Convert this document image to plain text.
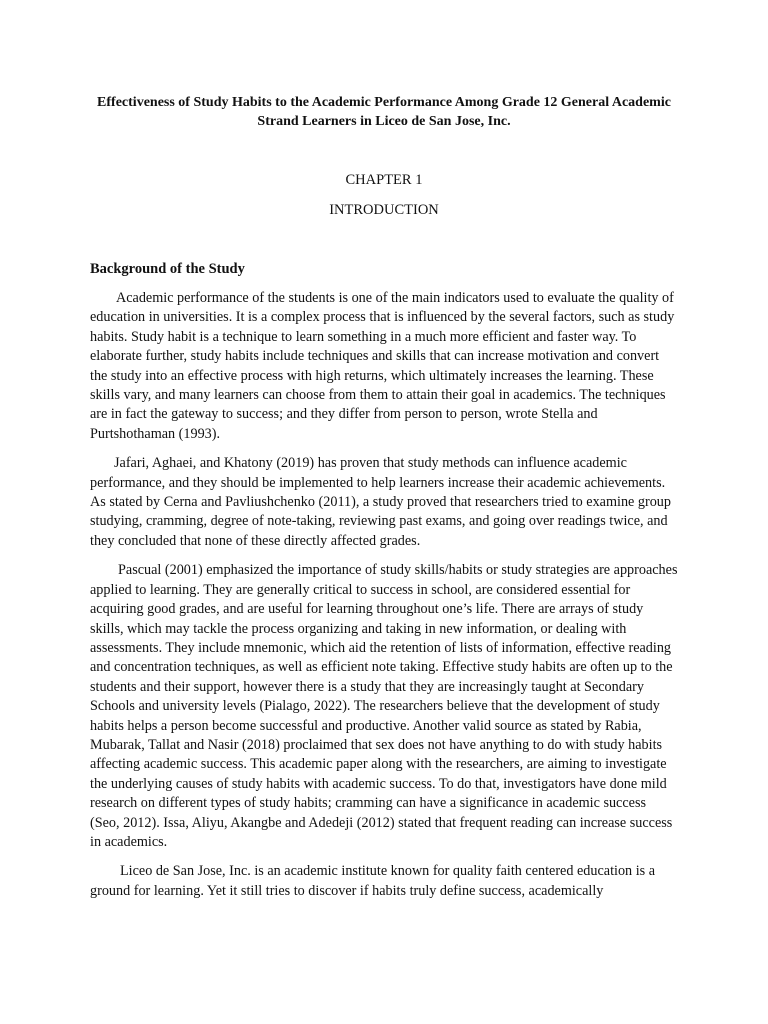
Effectiveness of Study Habits to the Academic Performance Among Grade 12 General Academic Strand Learners in Liceo de San Jose, Inc.

CHAPTER 1

INTRODUCTION

Background of the Study

Academic performance of the students is one of the main indicators used to evaluate the quality of education in universities. It is a complex process that is influenced by the several factors, such as study habits. Study habit is a technique to learn something in a much more efficient and faster way. To elaborate further, study habits include techniques and skills that can increase motivation and convert the study into an effective process with high returns, which ultimately increases the learning. These skills vary, and many learners can choose from them to attain their goal in academics. The techniques are in fact the gateway to success; and they differ from person to person, wrote Stella and Purtshothaman (1993).

Jafari, Aghaei, and Khatony (2019) has proven that study methods can influence academic performance, and they should be implemented to help learners increase their academic achievements. As stated by Cerna and Pavliushchenko (2011), a study proved that researchers tried to examine group studying, cramming, degree of note-taking, reviewing past exams, and going over readings twice, and they concluded that none of these directly affected grades.

Pascual (2001) emphasized the importance of study skills/habits or study strategies are approaches applied to learning. They are generally critical to success in school, are considered essential for acquiring good grades, and are useful for learning throughout one’s life. There are arrays of study skills, which may tackle the process organizing and taking in new information, or dealing with assessments. They include mnemonic, which aid the retention of lists of information, effective reading and concentration techniques, as well as efficient note taking. Effective study habits are often up to the students and their support, however there is a study that they are increasingly taught at Secondary Schools and university levels (Pialago, 2022). The researchers believe that the development of study habits helps a person become successful and productive. Another valid source as stated by Rabia, Mubarak, Tallat and Nasir (2018) proclaimed that sex does not have anything to do with study habits affecting academic success. This academic paper along with the researchers, are aiming to investigate the underlying causes of study habits with academic success. To do that, investigators have done mild research on different types of study habits; cramming can have a significance in academic success (Seo, 2012). Issa, Aliyu, Akangbe and Adedeji (2012) stated that frequent reading can increase success in academics.

Liceo de San Jose, Inc. is an academic institute known for quality faith centered education is a ground for learning. Yet it still tries to discover if habits truly define success, academically
